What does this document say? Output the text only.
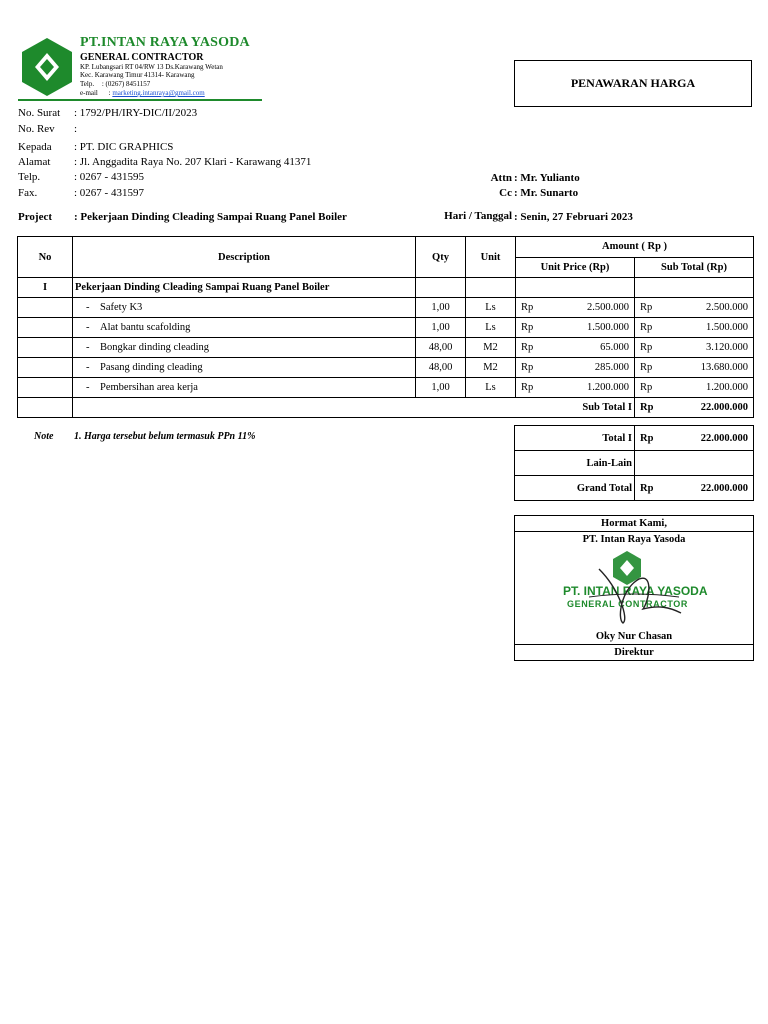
PT.INTAN RAYA YASODA
GENERAL CONTRACTOR
KP. Lubangsari RT 04/RW 13 Ds.Karawang Wetan
Kec. Karawang Timur 41314- Karawang
Telp. : (0267) 8451157
e-mail : marketing.intanraya@gmail.com
PENAWARAN HARGA
No. Surat : 1792/PH/IRY-DIC/II/2023
No. Rev :
Kepada : PT. DIC GRAPHICS
Alamat : Jl. Anggadita Raya No. 207 Klari - Karawang 41371
Telp.	: 0267 - 431595
Fax.	: 0267 - 431597
Attn : Mr. Yulianto
Cc : Mr. Sunarto
Project : Pekerjaan Dinding Cleading Sampai Ruang Panel Boiler	Hari / Tanggal : Senin, 27 Februari 2023
No	Description	Qty	Unit	Amount ( Rp )	
				Unit Price (Rp)	Sub Total (Rp)
I	Pekerjaan Dinding Cleading Sampai Ruang Panel Boiler				
	- Safety K3	1,00	Ls	Rp 2.500.000	Rp 2.500.000

	- Alat bantu scafolding	1,00	Ls	Rp 1.500.000	Rp 1.500.000

	- Bongkar dinding cleading	48,00	M2	Rp 65.000	Rp 3.120.000

	- Pasang dinding cleading	48,00	M2	Rp 285.000	Rp 13.680.000

	- Pembersihan area kerja	1,00	Ls	Rp 1.200.000	Rp 1.200.000

	Sub Total I				Rp 22.000.000
Note 1. Harga tersebut belum termasuk PPn 11%	Total I	Rp 22.000.000

Lain-Lain	
Grand Total	Rp 22.000.000
Hormat Kami,
PT. Intan Raya Yasoda
PT. INTAN RAYA YASODA
GENERAL CONTRACTOR
Oky Nur Chasan
Direktur
